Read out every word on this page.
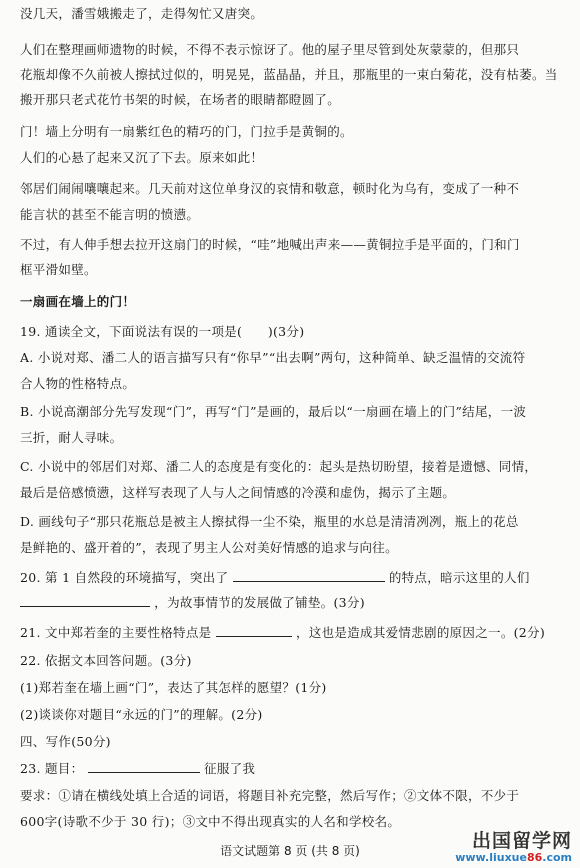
没几天，潘雪娥搬走了，走得匆忙又唐突。
人们在整理画师遗物的时候，不得不表示惊讶了。他的屋子里尽管到处灰蒙蒙的，但那只
花瓶却像不久前被人擦拭过似的，明晃晃，蓝晶晶，并且，那瓶里的一束白菊花，没有枯萎。当
搬开那只老式花竹书架的时候，在场者的眼睛都瞪圆了。
门！墙上分明有一扇紫红色的精巧的门，门拉手是黄铜的。
人们的心悬了起来又沉了下去。原来如此！
邻居们闹闹嚷嚷起来。几天前对这位单身汉的哀情和敬意，顿时化为乌有，变成了一种不
能言状的甚至不能言明的愤懑。
不过，有人伸手想去拉开这扇门的时候，“哇”地喊出声来——黄铜拉手是平面的，门和门
框平滑如壁。
一扇画在墙上的门！
19. 通读全文，下面说法有误的一项是(　　)(3分)
A. 小说对郑、潘二人的语言描写只有“你早”“出去啊”两句，这种简单、缺乏温情的交流符
合人物的性格特点。
B. 小说高潮部分先写发现“门”，再写“门”是画的，最后以“一扇画在墙上的门”结尾，一波
三折，耐人寻味。
C. 小说中的邻居们对郑、潘二人的态度是有变化的：起头是热切盼望，接着是遗憾、同情，
最后是倍感愤懑，这样写表现了人与人之间情感的冷漠和虚伪，揭示了主题。
D. 画线句子“那只花瓶总是被主人擦拭得一尘不染，瓶里的水总是清清冽冽，瓶上的花总
是鲜艳的、盛开着的”，表现了男主人公对美好情感的追求与向往。
20. 第 1 自然段的环境描写，突出了	的特点，暗示这里的人们
，为故事情节的发展做了铺垫。(3分)
21. 文中郑若奎的主要性格特点是	，这也是造成其爱情悲剧的原因之一。(2分)
22. 依据文本回答问题。(3分)
(1)郑若奎在墙上画“门”，表达了其怎样的愿望？(1分)
(2)谈谈你对题目“永远的门”的理解。(2分)
四、写作(50分)
23. 题目：	征服了我
要求：①请在横线处填上合适的词语，将题目补充完整，然后写作；②文体不限，不少于
600字(诗歌不少于 30 行)；③文中不得出现真实的人名和学校名。
语文试题第 8 页 (共 8 页)	出国留学网
www.liuxue86.com
